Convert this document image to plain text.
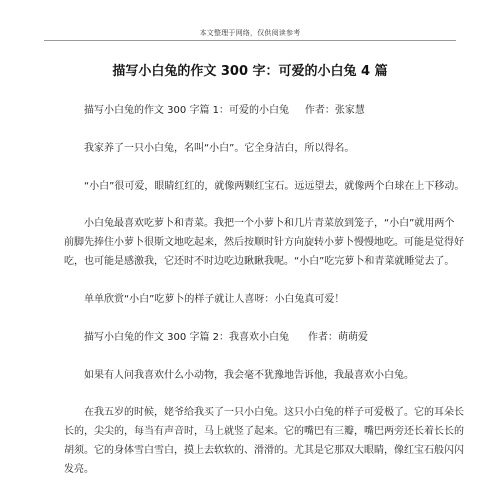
本文整理于网络，仅供阅读参考
描写小白兔的作文 300 字：可爱的小白兔 4 篇
描写小白兔的作文 300 字篇 1：可爱的小白兔     作者：张家慧
我家养了一只小白兔，名叫“小白”。它全身洁白，所以得名。
“小白”很可爱，眼睛红红的，就像两颗红宝石。远远望去，就像两个白球在上下移动。
小白兔最喜欢吃萝卜和青菜。我把一个小萝卜和几片青菜放到笼子，“小白”就用两个
前脚先捧住小萝卜很斯文地吃起来，然后按顺时针方向旋转小萝卜慢慢地吃。可能是觉得好
吃，也可能是感激我，它还时不时边吃边瞅瞅我呢。“小白”吃完萝卜和青菜就睡觉去了。
单单欣赏“小白”吃萝卜的样子就让人喜呀：小白兔真可爱！
描写小白兔的作文 300 字篇 2：我喜欢小白兔      作者：萌萌爱
如果有人问我喜欢什么小动物，我会毫不犹豫地告诉他，我最喜欢小白兔。
在我五岁的时候，姥爷给我买了一只小白兔。这只小白兔的样子可爱极了。它的耳朵长
长的，尖尖的，每当有声音时，马上就竖了起来。它的嘴巴有三瓣，嘴巴两旁还长着长长的
胡须。它的身体雪白雪白，摸上去软软的、滑滑的。尤其是它那双大眼睛，像红宝石般闪闪
发亮。
